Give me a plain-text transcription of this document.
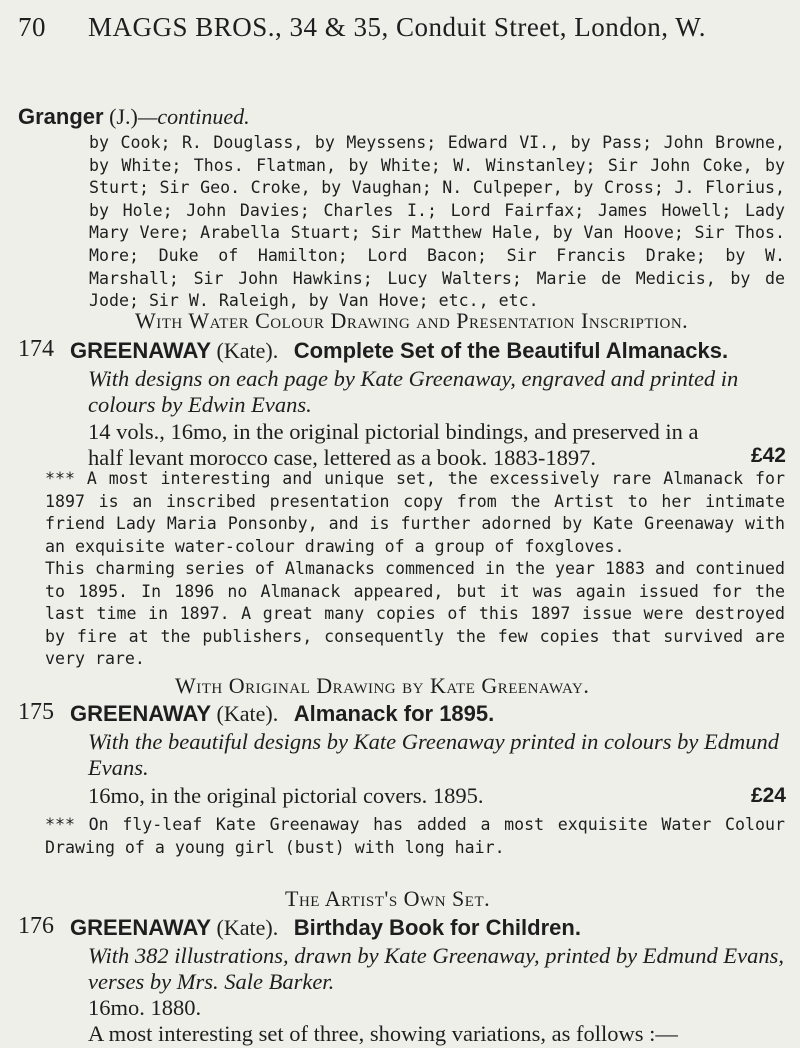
70 MAGGS BROS., 34 & 35, Conduit Street, London, W.
Granger (J.)—continued.
by Cook; R. Douglass, by Meyssens; Edward VI., by Pass; John Browne, by White; Thos. Flatman, by White; W. Winstanley; Sir John Coke, by Sturt; Sir Geo. Croke, by Vaughan; N. Culpeper, by Cross; J. Florius, by Hole; John Davies; Charles I.; Lord Fairfax; James Howell; Lady Mary Vere; Arabella Stuart; Sir Matthew Hale, by Van Hoove; Sir Thos. More; Duke of Hamilton; Lord Bacon; Sir Francis Drake; by W. Marshall; Sir John Hawkins; Lucy Walters; Marie de Medicis, by de Jode; Sir W. Raleigh, by Van Hove; etc., etc.
With Water Colour Drawing and Presentation Inscription.
174 GREENAWAY (Kate). Complete Set of the Beautiful Almanacks.
With designs on each page by Kate Greenaway, engraved and printed in colours by Edwin Evans.
14 vols., 16mo, in the original pictorial bindings, and preserved in a half levant morocco case, lettered as a book. 1883-1897.	£42
*** A most interesting and unique set, the excessively rare Almanack for 1897 is an inscribed presentation copy from the Artist to her intimate friend Lady Maria Ponsonby, and is further adorned by Kate Greenaway with an exquisite water-colour drawing of a group of foxgloves.
This charming series of Almanacks commenced in the year 1883 and continued to 1895. In 1896 no Almanack appeared, but it was again issued for the last time in 1897. A great many copies of this 1897 issue were destroyed by fire at the publishers, consequently the few copies that survived are very rare.
With Original Drawing by Kate Greenaway.
175 GREENAWAY (Kate). Almanack for 1895.
With the beautiful designs by Kate Greenaway printed in colours by Edmund Evans.
16mo, in the original pictorial covers. 1895.	£24
*** On fly-leaf Kate Greenaway has added a most exquisite Water Colour Drawing of a young girl (bust) with long hair.
The Artist's Own Set.
176 GREENAWAY (Kate). Birthday Book for Children.
With 382 illustrations, drawn by Kate Greenaway, printed by Edmund Evans, verses by Mrs. Sale Barker.
16mo. 1880.
A most interesting set of three, showing variations, as follows :—
